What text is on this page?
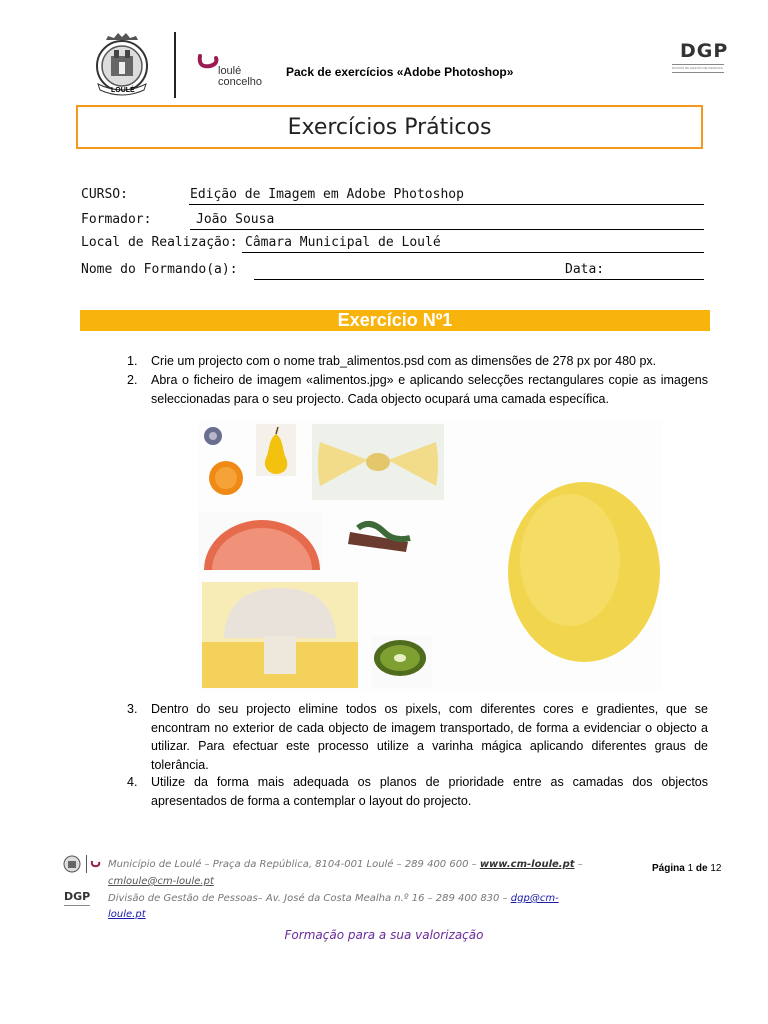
LOULÉ
loulé
concelho
Pack de exercícios «Adobe Photoshop»
DGP
DIVISÃO DE GESTÃO DE PESSOAS
Exercícios Práticos
CURSO:	Edição de Imagem em Adobe Photoshop
Formador:	João Sousa
Local de Realização: Câmara Municipal de Loulé
Nome do Formando(a):	Data:
Exercício Nº1
1. Crie um projecto com o nome trab_alimentos.psd com as dimensões de 278 px por 480 px.
2. Abra o ficheiro de imagem «alimentos.jpg» e aplicando selecções rectangulares copie as imagens seleccionadas para o seu projecto. Cada objecto ocupará uma camada específica.
3. Dentro do seu projecto elimine todos os pixels, com diferentes cores e gradientes, que se encontram no exterior de cada objecto de imagem transportado, de forma a evidenciar o objecto a utilizar. Para efectuar este processo utilize a varinha mágica aplicando diferentes graus de tolerância.
4. Utilize da forma mais adequada os planos de prioridade entre as camadas dos objectos apresentados de forma a contemplar o layout do projecto.
Município de Loulé – Praça da República, 8104-001 Loulé – 289 400 600 – www.cm-loule.pt –
cmloule@cm-loule.pt
DGP	Divisão de Gestão de Pessoas– Av. José da Costa Mealha n.º 16 – 289 400 830 – dgp@cm-
loule.pt
Página 1 de 12
Formação para a sua valorização
